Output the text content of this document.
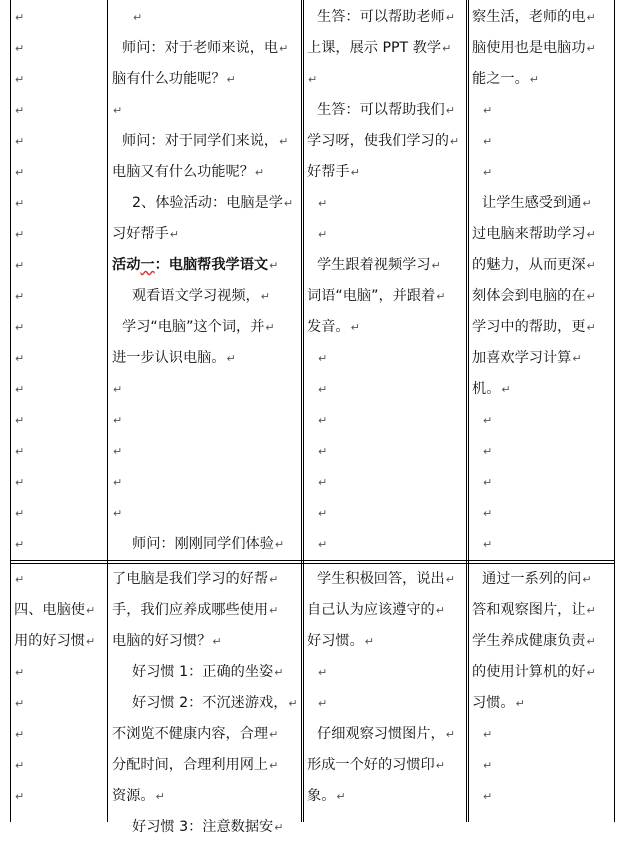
↵
↵
↵
↵
↵
↵
↵
↵
↵
↵
↵
↵
↵
↵
↵
↵
↵
↵
↵
师问：对于老师来说，电↵
脑有什么功能呢？↵
↵
师问：对于同学们来说，↵
电脑又有什么功能呢？↵
2、体验活动：电脑是学↵
习好帮手↵
活动一：电脑帮我学语文↵
观看语文学习视频，↵
学习“电脑”这个词，并↵
进一步认识电脑。↵
↵
↵
↵
↵
↵
师问：刚刚同学们体验↵
生答：可以帮助老师↵
上课，展示 PPT 教学↵
↵
生答：可以帮助我们↵
学习呀，使我们学习的↵
好帮手↵
↵
↵
学生跟着视频学习↵
词语“电脑”，并跟着↵
发音。↵
↵
↵
↵
↵
↵
↵
↵
察生活，老师的电↵
脑使用也是电脑功↵
能之一。↵
↵
↵
↵
让学生感受到通↵
过电脑来帮助学习↵
的魅力，从而更深↵
刻体会到电脑的在↵
学习中的帮助，更↵
加喜欢学习计算↵
机。↵
↵
↵
↵
↵
↵
↵
四、电脑使↵
用的好习惯↵
↵
↵
↵
↵
↵
了电脑是我们学习的好帮↵
手，我们应养成哪些使用↵
电脑的好习惯？↵
好习惯 1：正确的坐姿↵
好习惯 2：不沉迷游戏，↵
不浏览不健康内容，合理↵
分配时间，合理利用网上↵
资源。↵
好习惯 3：注意数据安↵
学生积极回答，说出↵
自己认为应该遵守的↵
好习惯。↵
↵
↵
仔细观察习惯图片，↵
形成一个好的习惯印↵
象。↵
通过一系列的问↵
答和观察图片，让↵
学生养成健康负责↵
的使用计算机的好↵
习惯。↵
↵
↵
↵
